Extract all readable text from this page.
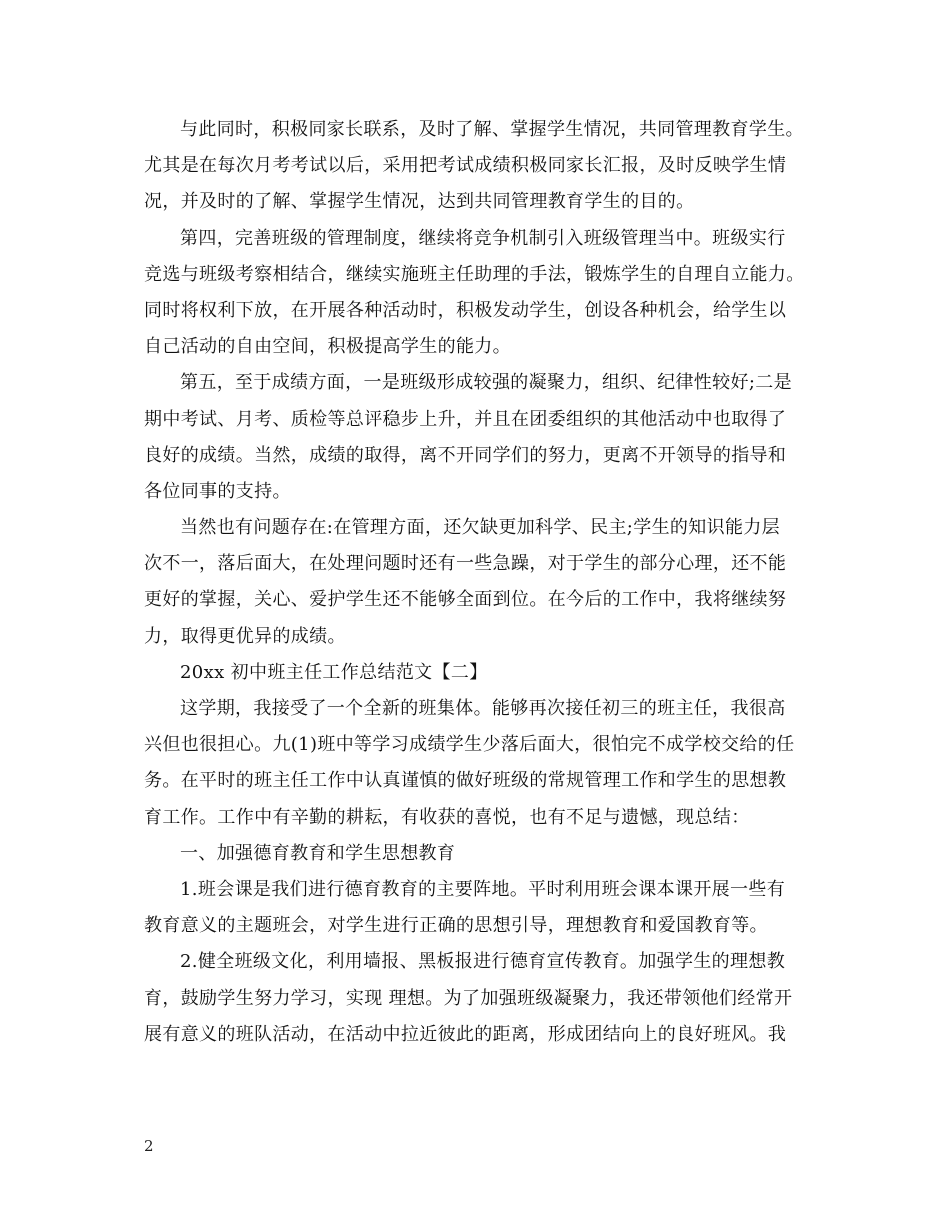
与此同时，积极同家长联系，及时了解、掌握学生情况，共同管理教育学生。
尤其是在每次月考考试以后，采用把考试成绩积极同家长汇报，及时反映学生情
况，并及时的了解、掌握学生情况，达到共同管理教育学生的目的。

第四，完善班级的管理制度，继续将竞争机制引入班级管理当中。班级实行
竞选与班级考察相结合，继续实施班主任助理的手法，锻炼学生的自理自立能力。
同时将权利下放，在开展各种活动时，积极发动学生，创设各种机会，给学生以
自己活动的自由空间，积极提高学生的能力。

第五，至于成绩方面，一是班级形成较强的凝聚力，组织、纪律性较好;二是
期中考试、月考、质检等总评稳步上升，并且在团委组织的其他活动中也取得了
良好的成绩。当然，成绩的取得，离不开同学们的努力，更离不开领导的指导和
各位同事的支持。

当然也有问题存在:在管理方面，还欠缺更加科学、民主;学生的知识能力层
次不一，落后面大，在处理问题时还有一些急躁，对于学生的部分心理，还不能
更好的掌握，关心、爱护学生还不能够全面到位。在今后的工作中，我将继续努
力，取得更优异的成绩。

20xx 初中班主任工作总结范文【二】

这学期，我接受了一个全新的班集体。能够再次接任初三的班主任，我很高
兴但也很担心。九(1)班中等学习成绩学生少落后面大，很怕完不成学校交给的任
务。在平时的班主任工作中认真谨慎的做好班级的常规管理工作和学生的思想教
育工作。工作中有辛勤的耕耘，有收获的喜悦，也有不足与遗憾，现总结：

一、加强德育教育和学生思想教育

1.班会课是我们进行德育教育的主要阵地。平时利用班会课本课开展一些有
教育意义的主题班会，对学生进行正确的思想引导，理想教育和爱国教育等。

2.健全班级文化，利用墙报、黑板报进行德育宣传教育。加强学生的理想教
育，鼓励学生努力学习，实现 理想。为了加强班级凝聚力，我还带领他们经常开
展有意义的班队活动，在活动中拉近彼此的距离，形成团结向上的良好班风。我

2
